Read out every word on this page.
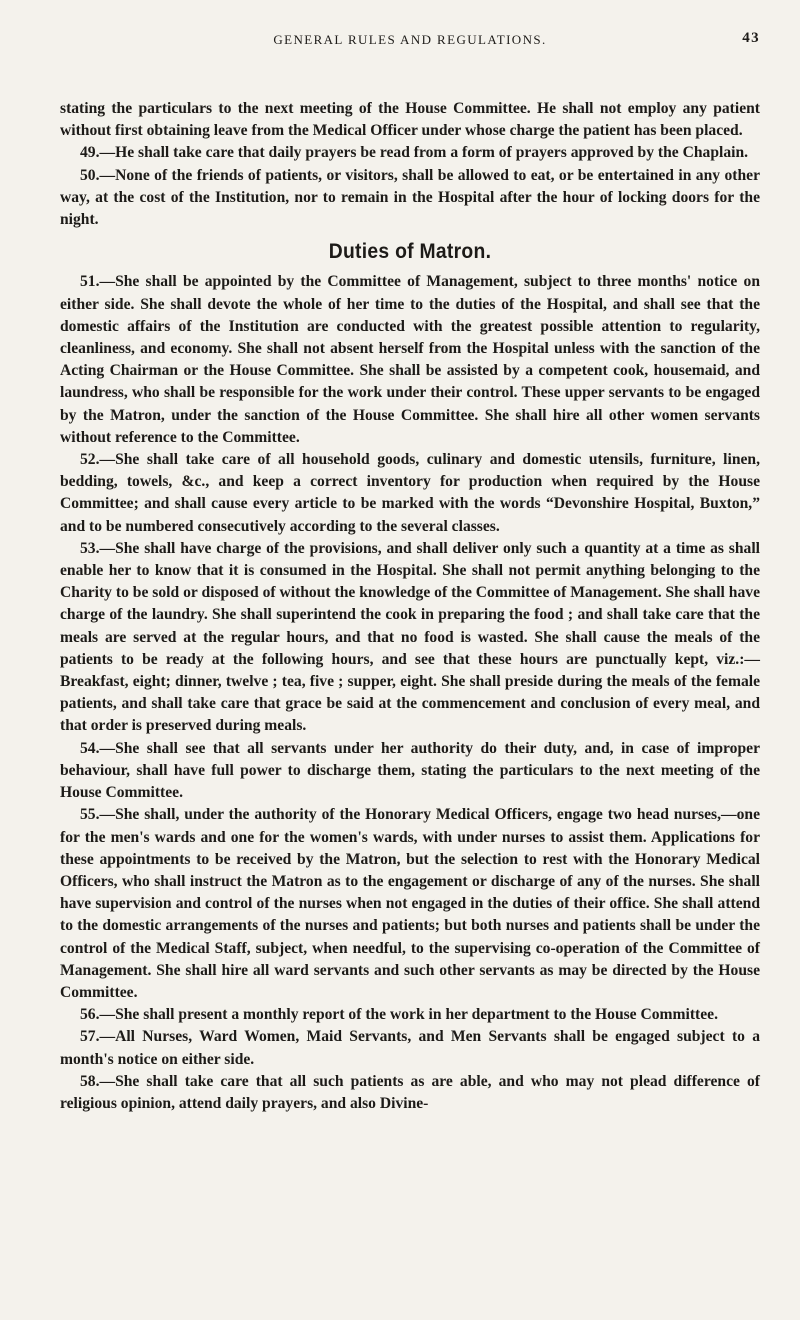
GENERAL RULES AND REGULATIONS.	43

stating the particulars to the next meeting of the House Committee. He shall not employ any patient without first obtaining leave from the Medical Officer under whose charge the patient has been placed.

49.—He shall take care that daily prayers be read from a form of prayers approved by the Chaplain.

50.—None of the friends of patients, or visitors, shall be allowed to eat, or be entertained in any other way, at the cost of the Institution, nor to remain in the Hospital after the hour of locking doors for the night.

Duties of Matron.

51.—She shall be appointed by the Committee of Management, subject to three months' notice on either side. She shall devote the whole of her time to the duties of the Hospital, and shall see that the domestic affairs of the Institution are conducted with the greatest possible attention to regularity, cleanliness, and economy. She shall not absent herself from the Hospital unless with the sanction of the Acting Chairman or the House Committee. She shall be assisted by a competent cook, housemaid, and laundress, who shall be responsible for the work under their control. These upper servants to be engaged by the Matron, under the sanction of the House Committee. She shall hire all other women servants without reference to the Committee.

52.—She shall take care of all household goods, culinary and domestic utensils, furniture, linen, bedding, towels, &c., and keep a correct inventory for production when required by the House Committee; and shall cause every article to be marked with the words “Devonshire Hospital, Buxton,” and to be numbered consecutively according to the several classes.

53.—She shall have charge of the provisions, and shall deliver only such a quantity at a time as shall enable her to know that it is consumed in the Hospital. She shall not permit anything belonging to the Charity to be sold or disposed of without the knowledge of the Committee of Management. She shall have charge of the laundry. She shall superintend the cook in preparing the food ; and shall take care that the meals are served at the regular hours, and that no food is wasted. She shall cause the meals of the patients to be ready at the following hours, and see that these hours are punctually kept, viz.:—Breakfast, eight; dinner, twelve ; tea, five ; supper, eight. She shall preside during the meals of the female patients, and shall take care that grace be said at the commencement and conclusion of every meal, and that order is preserved during meals.

54.—She shall see that all servants under her authority do their duty, and, in case of improper behaviour, shall have full power to discharge them, stating the particulars to the next meeting of the House Committee.

55.—She shall, under the authority of the Honorary Medical Officers, engage two head nurses,—one for the men's wards and one for the women's wards, with under nurses to assist them. Applications for these appointments to be received by the Matron, but the selection to rest with the Honorary Medical Officers, who shall instruct the Matron as to the engagement or discharge of any of the nurses. She shall have supervision and control of the nurses when not engaged in the duties of their office. She shall attend to the domestic arrangements of the nurses and patients; but both nurses and patients shall be under the control of the Medical Staff, subject, when needful, to the supervising co-operation of the Committee of Management. She shall hire all ward servants and such other servants as may be directed by the House Committee.

56.—She shall present a monthly report of the work in her department to the House Committee.

57.—All Nurses, Ward Women, Maid Servants, and Men Servants shall be engaged subject to a month's notice on either side.

58.—She shall take care that all such patients as are able, and who may not plead difference of religious opinion, attend daily prayers, and also Divine-
